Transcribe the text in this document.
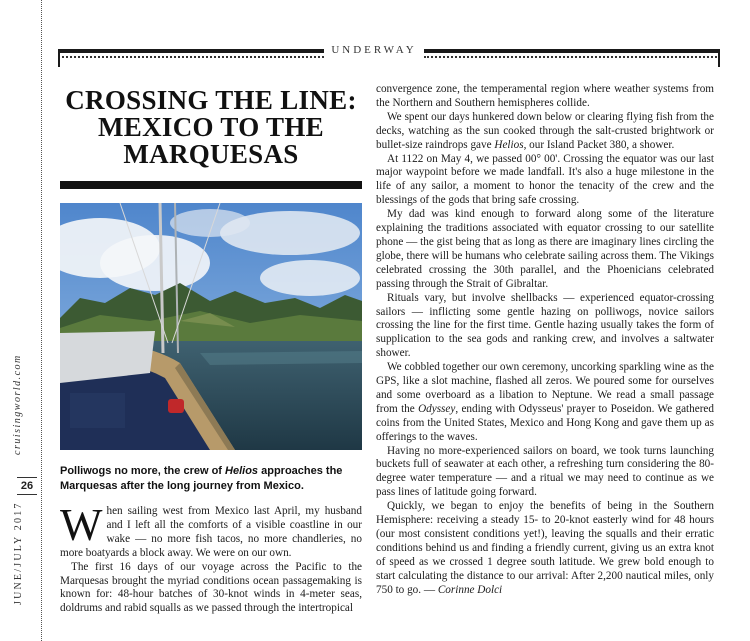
cruisingworld.com
26
JUNE/JULY 2017
UNDERWAY
CROSSING THE LINE: MEXICO TO THE MARQUESAS

Polliwogs no more, the crew of Helios approaches the Marquesas after the long journey from Mexico.

When sailing west from Mexico last April, my husband and I left all the comforts of a visible coastline in our wake — no more fish tacos, no more chandleries, no more boatyards a block away. We were on our own.

The first 16 days of our voyage across the Pacific to the Marquesas brought the myriad conditions ocean passagemaking is known for: 48-hour batches of 30-knot winds in 4-meter seas, doldrums and rabid squalls as we passed through the intertropical

convergence zone, the temperamental region where weather systems from the Northern and Southern hemispheres collide.

We spent our days hunkered down below or clearing flying fish from the decks, watching as the sun cooked through the salt-crusted brightwork or bullet-size raindrops gave Helios, our Island Packet 380, a shower.

At 1122 on May 4, we passed 00° 00'. Crossing the equator was our last major waypoint before we made landfall. It's also a huge milestone in the life of any sailor, a moment to honor the tenacity of the crew and the blessings of the gods that bring safe crossing.

My dad was kind enough to forward along some of the literature explaining the traditions associated with equator crossing to our satellite phone — the gist being that as long as there are imaginary lines circling the globe, there will be humans who celebrate sailing across them. The Vikings celebrated crossing the 30th parallel, and the Phoenicians celebrated passing through the Strait of Gibraltar.

Rituals vary, but involve shellbacks — experienced equator-crossing sailors — inflicting some gentle hazing on polliwogs, novice sailors crossing the line for the first time. Gentle hazing usually takes the form of supplication to the sea gods and ranking crew, and involves a saltwater shower.

We cobbled together our own ceremony, uncorking sparkling wine as the GPS, like a slot machine, flashed all zeros. We poured some for ourselves and some overboard as a libation to Neptune. We read a small passage from the Odyssey, ending with Odysseus' prayer to Poseidon. We gathered coins from the United States, Mexico and Hong Kong and gave them up as offerings to the waves.

Having no more-experienced sailors on board, we took turns launching buckets full of seawater at each other, a refreshing turn considering the 80-degree water temperature — and a ritual we may need to continue as we pass lines of latitude going forward.

Quickly, we began to enjoy the benefits of being in the Southern Hemisphere: receiving a steady 15- to 20-knot easterly wind for 48 hours (our most consistent conditions yet!), leaving the squalls and their erratic conditions behind us and finding a friendly current, giving us an extra knot of speed as we crossed 1 degree south latitude. We grew bold enough to start calculating the distance to our arrival: After 2,200 nautical miles, only 750 to go. — Corinne Dolci
